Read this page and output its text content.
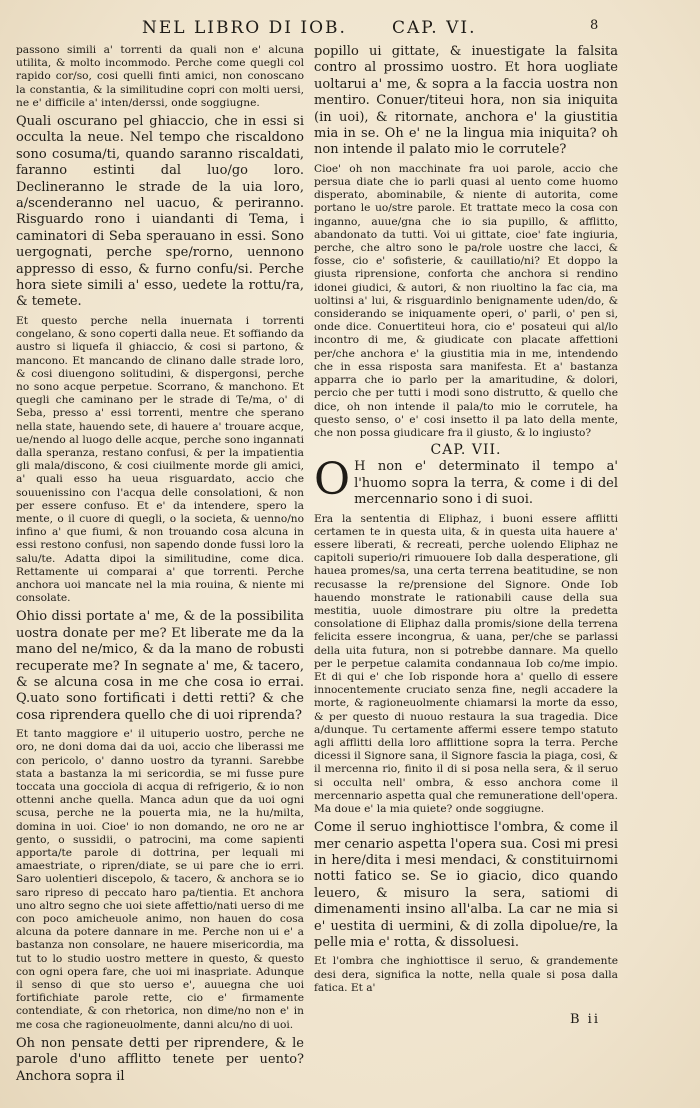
NEL LIBRO DI IOB.	CAP. VI.	8

passono simili a' torrenti da quali non e' alcuna utilita, & molto incommodo. Perche come quegli col rapido cor/so, cosi quelli finti amici, non conoscano la constantia, & la similitudine copri con molti uersi, ne e' difficile a' inten/derssi, onde soggiugne.

Quali oscurano pel ghiaccio, che in essi si occulta la neue. Nel tempo che riscaldono sono cosuma/ti, quando saranno riscaldati, faranno estinti dal luo/go loro. Declineranno le strade de la uia loro, a/scenderanno nel uacuo, & periranno. Risguardo rono i uiandanti di Tema, i caminatori di Seba sperauano in essi. Sono uergognati, perche spe/rorno, uennono appresso di esso, & furno confu/si. Perche hora siete simili a' esso, uedete la rottu/ra, & temete.

Et questo perche nella inuernata i torrenti congelano, & sono coperti dalla neue. Et soffiando da austro si liquefa il ghiaccio, & cosi si partono, & mancono. Et mancando de clinano dalle strade loro, & cosi diuengono solitudini, & dispergonsi, perche no sono acque perpetue. Scorrano, & manchono. Et quegli che caminano per le strade di Te/ma, o' di Seba, presso a' essi torrenti, mentre che sperano nella state, hauendo sete, di hauere a' trouare acque, ue/nendo al luogo delle acque, perche sono ingannati dalla speranza, restano confusi, & per la impatientia gli mala/discono, & cosi ciuilmente morde gli amici, a' quali esso ha ueua risguardato, accio che souuenissino con l'acqua delle consolationi, & non per essere confuso. Et e' da intendere, spero la mente, o il cuore di quegli, o la societa, & uenno/no infino a' que fiumi, & non trouando cosa alcuna in essi restono confusi, non sapendo donde fussi loro la salu/te. Adatta dipoi la similitudine, come dica. Rettamente ui comparai a' que torrenti. Perche anchora uoi mancate nel la mia rouina, & niente mi consolate.

Ohio dissi portate a' me, & de la possibilita uostra donate per me? Et liberate me da la mano del ne/mico, & da la mano de robusti recuperate me? In segnate a' me, & tacero, & se alcuna cosa in me che cosa io errai. Q.uato sono fortificati i detti retti? & che cosa riprendera quello che di uoi riprenda?

Et tanto maggiore e' il uituperio uostro, perche ne oro, ne doni doma dai da uoi, accio che liberassi me con pericolo, o' danno uostro da tyranni. Sarebbe stata a bastanza la mi sericordia, se mi fusse pure toccata una gocciola di acqua di refrigerio, & io non ottenni anche quella. Manca adun que da uoi ogni scusa, perche ne la pouerta mia, ne la hu/milta, domina in uoi. Cioe' io non domando, ne oro ne ar gento, o sussidii, o patrocini, ma come sapienti apporta/te parole di dottrina, per lequali mi amaestriate, o ripren/diate, se ui pare che io erri. Saro uolentieri discepolo, & tacero, & anchora se io saro ripreso di peccato haro pa/tientia. Et anchora uno altro segno che uoi siete affettio/nati uerso di me con poco amicheuole animo, non hauen do cosa alcuna da potere dannare in me. Perche non ui e' a bastanza non consolare, ne hauere misericordia, ma tut to lo studio uostro mettere in questo, & questo con ogni opera fare, che uoi mi inaspriate. Adunque il senso di que sto uerso e', auuegna che uoi fortifichiate parole rette, cio e' firmamente contendiate, & con rhetorica, non dime/no non e' in me cosa che ragioneuolmente, danni alcu/no di uoi.

Oh non pensate detti per riprendere, & le parole d'uno afflitto tenete per uento? Anchora sopra il

popillo ui gittate, & inuestigate la falsita contro al prossimo uostro. Et hora uogliate uoltarui a' me, & sopra a la faccia uostra non mentiro. Conuer/titeui hora, non sia iniquita (in uoi), & ritornate, anchora e' la giustitia mia in se. Oh e' ne la lingua mia iniquita? oh non intende il palato mio le corrutele?

Cioe' oh non macchinate fra uoi parole, accio che persua diate che io parli quasi al uento come huomo disperato, abominabile, & niente di autorita, come portano le uo/stre parole. Et trattate meco la cosa con inganno, auue/gna che io sia pupillo, & afflitto, abandonato da tutti. Voi ui gittate, cioe' fate ingiuria, perche, che altro sono le pa/role uostre che lacci, & fosse, cio e' sofisterie, & cauillatio/ni? Et doppo la giusta riprensione, conforta che anchora si rendino idonei giudici, & autori, & non riuoltino la fac cia, ma uoltinsi a' lui, & risguardinlo benignamente uden/do, & considerando se iniquamente operi, o' parli, o' pen si, onde dice. Conuertiteui hora, cio e' posateui qui al/lo incontro di me, & giudicate con placate affettioni per/che anchora e' la giustitia mia in me, intendendo che in essa risposta sara manifesta. Et a' bastanza apparra che io parlo per la amaritudine, & dolori, percio che per tutti i modi sono distrutto, & quello che dice, oh non intende il pala/to mio le corrutele, ha questo senso, o' e' cosi insetto il pa lato della mente, che non possa giudicare fra il giusto, & lo ingiusto?

CAP. VII.

O H non e' determinato il tempo a' l'huomo sopra la terra, & come i di del mercennario sono i di suoi.

Era la sententia di Eliphaz, i buoni essere afflitti certamen te in questa uita, & in questa uita hauere a' essere liberati, & recreati, perche uolendo Eliphaz ne capitoli superio/ri rimuouere Iob dalla desperatione, gli hauea promes/sa, una certa terrena beatitudine, se non recusasse la re/prensione del Signore. Onde Iob hauendo monstrate le rationabili cause della sua mestitia, uuole dimostrare piu oltre la predetta consolatione di Eliphaz dalla promis/sione della terrena felicita essere incongrua, & uana, per/che se parlassi della uita futura, non si potrebbe dannare. Ma quello per le perpetue calamita condannaua Iob co/me impio. Et di qui e' che Iob risponde hora a' quello di essere innocentemente cruciato senza fine, negli accadere la morte, & ragioneuolmente chiamarsi la morte da esso, & per questo di nuouo restaura la sua tragedia. Dice a/dunque. Tu certamente affermi essere tempo statuto agli afflitti della loro afflittione sopra la terra. Perche dicessi il Signore sana, il Signore fascia la piaga, cosi, & il mercenna rio, finito il di si posa nella sera, & il seruo si occulta nell' ombra, & esso anchora come il mercennario aspetta qual che remuneratione dell'opera. Ma doue e' la mia quiete? onde soggiugne.

Come il seruo inghiottisce l'ombra, & come il mer cenario aspetta l'opera sua. Cosi mi presi in here/dita i mesi mendaci, & constituirnomi notti fatico se. Se io giacio, dico quando leuero, & misuro la sera, satiomi di dimenamenti insino all'alba. La car ne mia si e' uestita di uermini, & di zolla dipolue/re, la pelle mia e' rotta, & dissoluesi.

Et l'ombra che inghiottisce il seruo, & grandemente desi dera, significa la notte, nella quale si posa dalla fatica. Et a'

B ii
